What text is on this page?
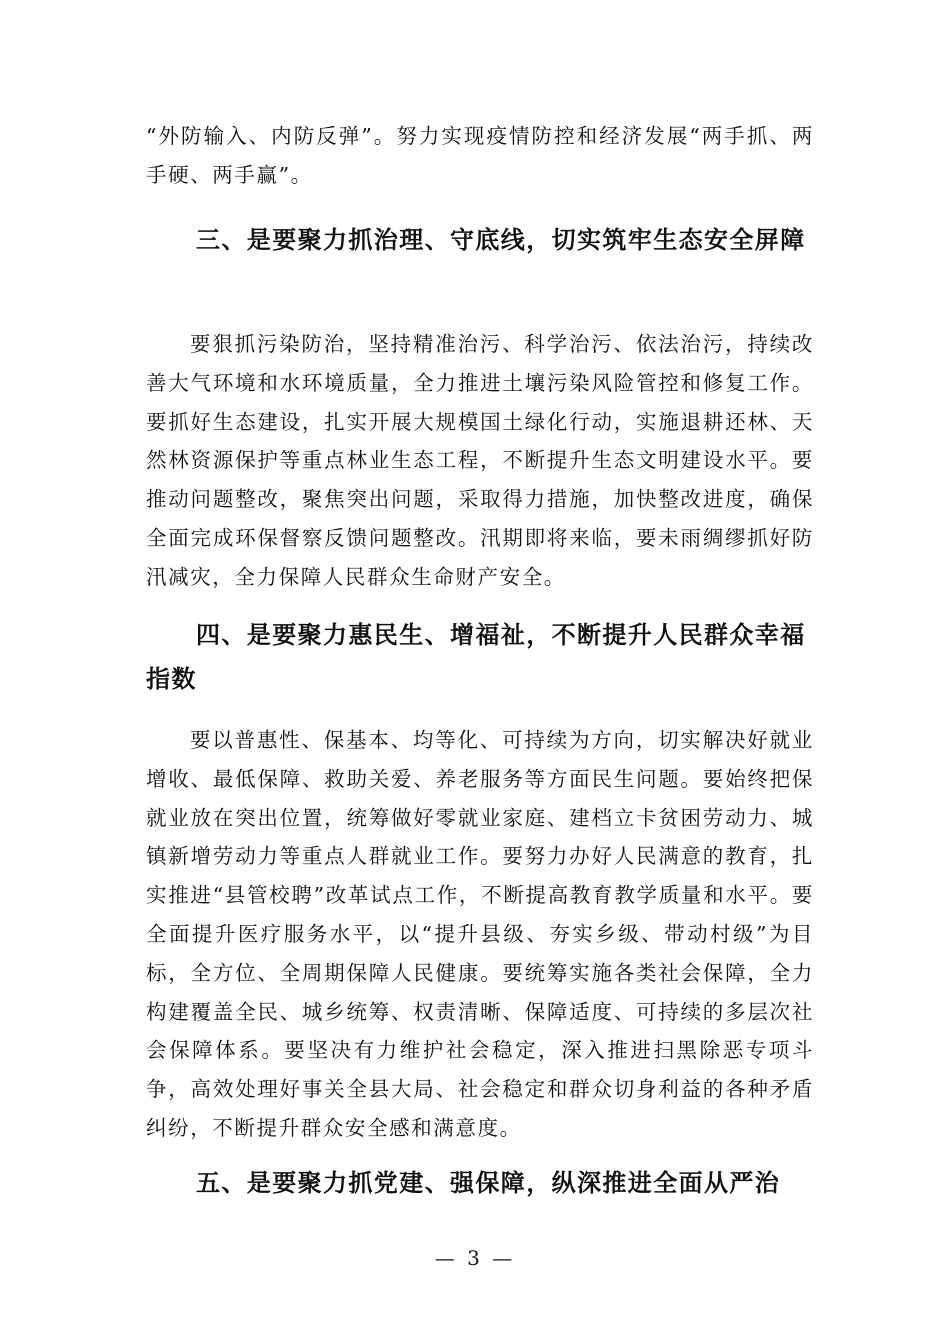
“外防输入、内防反弹”。努力实现疫情防控和经济发展“两手抓、两手硬、两手赢”。

三、是要聚力抓治理、守底线，切实筑牢生态安全屏障

要狠抓污染防治，坚持精准治污、科学治污、依法治污，持续改善大气环境和水环境质量，全力推进土壤污染风险管控和修复工作。要抓好生态建设，扎实开展大规模国土绿化行动，实施退耕还林、天然林资源保护等重点林业生态工程，不断提升生态文明建设水平。要推动问题整改，聚焦突出问题，采取得力措施，加快整改进度，确保全面完成环保督察反馈问题整改。汛期即将来临，要未雨绸缪抓好防汛减灾，全力保障人民群众生命财产安全。

四、是要聚力惠民生、增福祉，不断提升人民群众幸福指数

要以普惠性、保基本、均等化、可持续为方向，切实解决好就业增收、最低保障、救助关爱、养老服务等方面民生问题。要始终把保就业放在突出位置，统筹做好零就业家庭、建档立卡贫困劳动力、城镇新增劳动力等重点人群就业工作。要努力办好人民满意的教育，扎实推进“县管校聘”改革试点工作，不断提高教育教学质量和水平。要全面提升医疗服务水平，以“提升县级、夯实乡级、带动村级”为目标，全方位、全周期保障人民健康。要统筹实施各类社会保障，全力构建覆盖全民、城乡统筹、权责清晰、保障适度、可持续的多层次社会保障体系。要坚决有力维护社会稳定，深入推进扫黑除恶专项斗争，高效处理好事关全县大局、社会稳定和群众切身利益的各种矛盾纠纷，不断提升群众安全感和满意度。

五、是要聚力抓党建、强保障，纵深推进全面从严治
— 3 —
